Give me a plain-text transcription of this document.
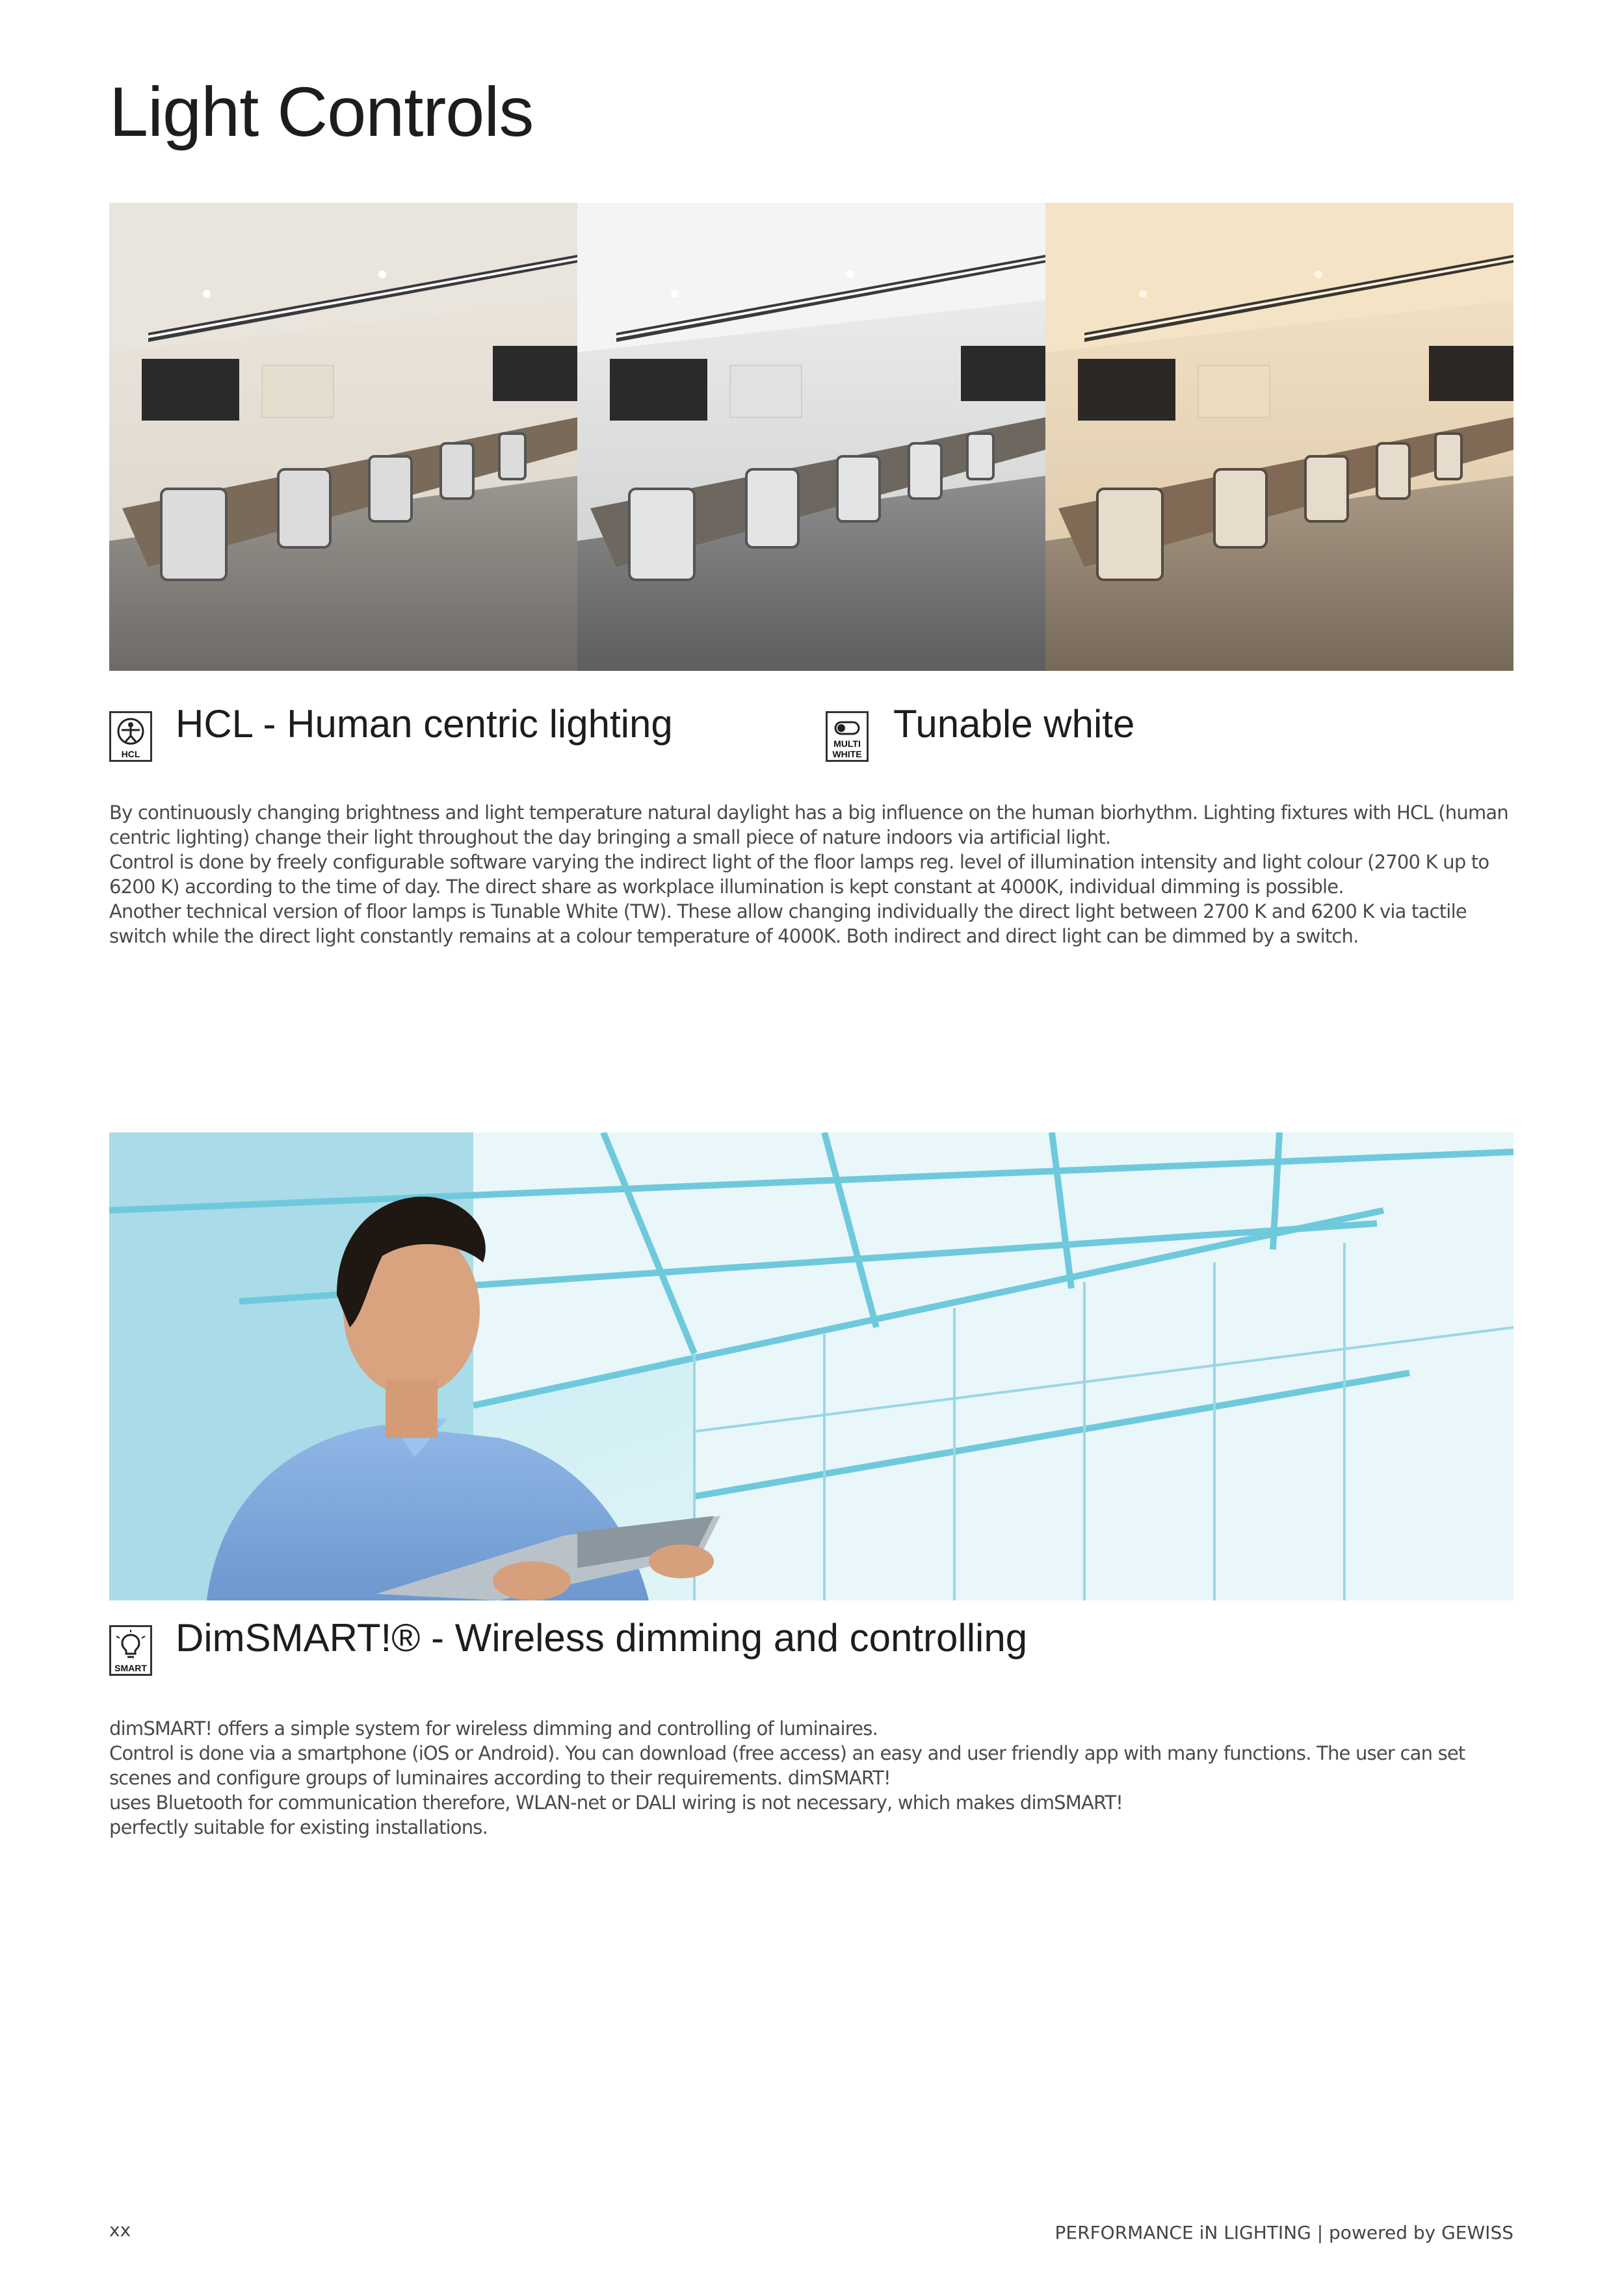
Light Controls
HCL
HCL - Human centric lighting	MULTI
WHITE
Tunable white

By continuously changing brightness and light temperature natural daylight has a big influence on the human biorhythm. Lighting fixtures with HCL (human centric lighting) change their light throughout the day bringing a small piece of nature indoors via artificial light.

Control is done by freely configurable software varying the indirect light of the floor lamps reg. level of illumination intensity and light colour (2700 K up to 6200 K) according to the time of day. The direct share as workplace illumination is kept constant at 4000K, individual dimming is possible.

Another technical version of floor lamps is Tunable White (TW). These allow changing individually the direct light between 2700 K and 6200 K via tactile switch while the direct light constantly remains at a colour temperature of 4000K. Both indirect and direct light can be dimmed by a switch.

SMART
DimSMART!® - Wireless dimming and controlling

dimSMART! offers a simple system for wireless dimming and controlling of luminaires.

Control is done via a smartphone (iOS or Android). You can download (free access) an easy and user friendly app with many functions. The user can set scenes and configure groups of luminaires according to their requirements. dimSMART!

uses Bluetooth for communication therefore, WLAN-net or DALI wiring is not necessary, which makes dimSMART!

perfectly suitable for existing installations.

xx	PERFORMANCE iN LIGHTING | powered by GEWISS
